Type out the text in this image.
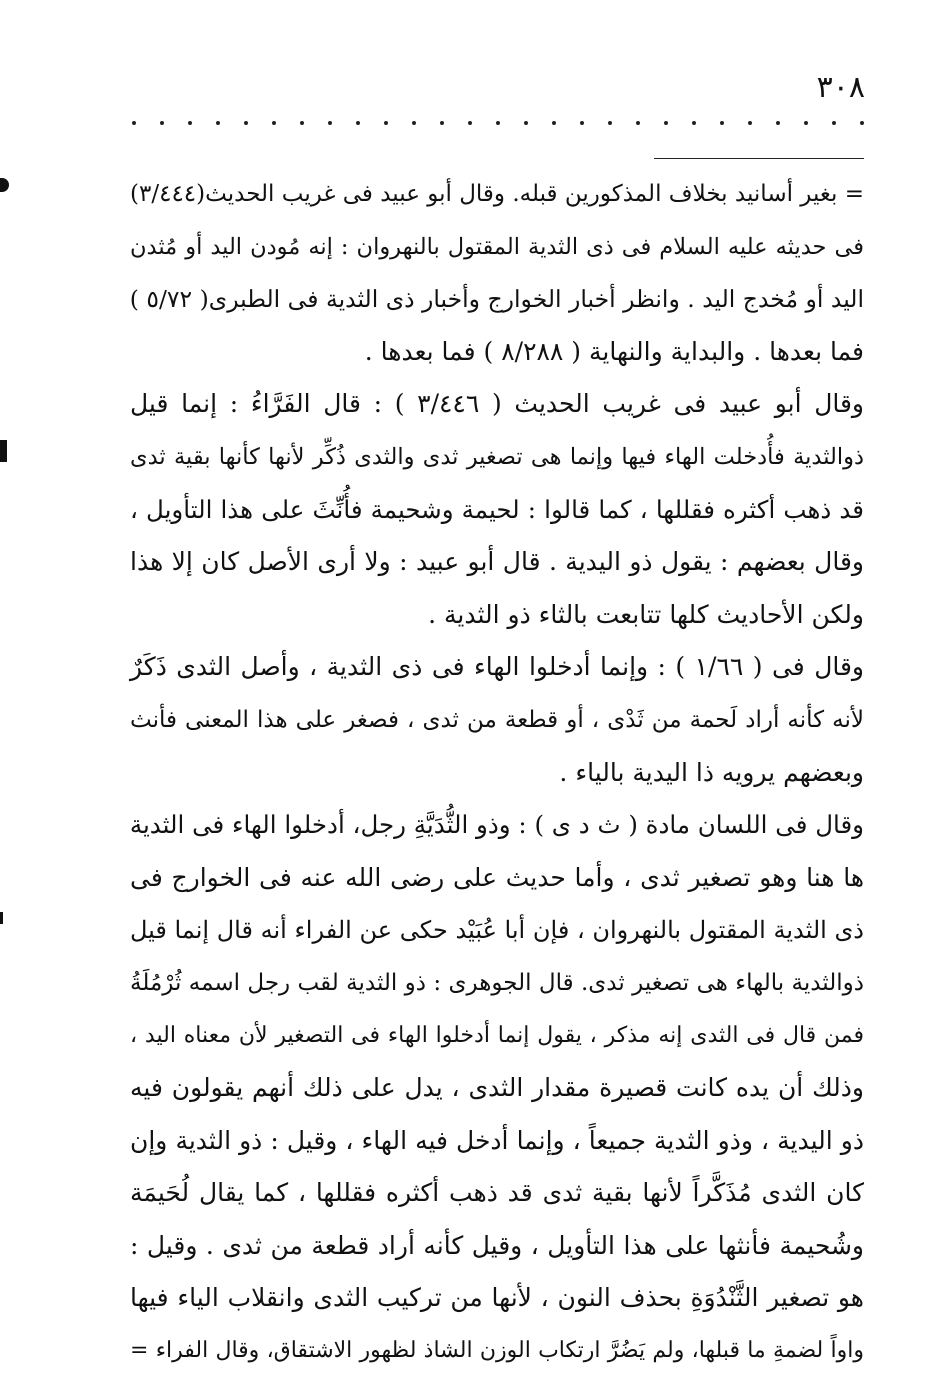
٣٠٨
= بغير أسانيد بخلاف المذكورين قبله. وقال أبو عبيد فى غريب الحديث(٣/٤٤٤)
فى حديثه عليه السلام فى ذى الثدية المقتول بالنهروان : إنه مُودن اليد أو مُثدن
اليد أو مُخدج اليد . وانظر أخبار الخوارج وأخبار ذى الثدية فى الطبرى( ٥/٧٢ )
فما بعدها . والبداية والنهاية ( ٨/٢٨٨ ) فما بعدها .
وقال أبو عبيد فى غريب الحديث ( ٣/٤٤٦ ) : قال الفَرَّاءُ : إنما قيل
ذوالثدية فأُدخلت الهاء فيها وإنما هى تصغير ثدى والثدى ذُكِّر لأنها كأنها بقية ثدى
قد ذهب أكثره فقللها ، كما قالوا : لحيمة وشحيمة فأُنِّثَ على هذا التأويل ،
وقال بعضهم : يقول ذو اليدية . قال أبو عبيد : ولا أرى الأصل كان إلا هذا
ولكن الأحاديث كلها تتابعت بالثاء ذو الثدية .
وقال فى ( ١/٦٦ ) : وإنما أدخلوا الهاء فى ذى الثدية ، وأصل الثدى ذَكَرٌ
لأنه كأنه أراد لَحمة من ثَدْى ، أو قطعة من ثدى ، فصغر على هذا المعنى فأنث
وبعضهم يرويه ذا اليدية بالياء .
وقال فى اللسان مادة ( ث د ى ) : وذو الثُّدَيَّةِ رجل، أدخلوا الهاء فى الثدية
ها هنا وهو تصغير ثدى ، وأما حديث على رضى الله عنه فى الخوارج فى
ذى الثدية المقتول بالنهروان ، فإن أبا عُبَيْد حكى عن الفراء أنه قال إنما قيل
ذوالثدية بالهاء هى تصغير ثدى. قال الجوهرى : ذو الثدية لقب رجل اسمه ثُرْمُلَةُ
فمن قال فى الثدى إنه مذكر ، يقول إنما أدخلوا الهاء فى التصغير لأن معناه اليد ،
وذلك أن يده كانت قصيرة مقدار الثدى ، يدل على ذلك أنهم يقولون فيه
ذو اليدية ، وذو الثدية جميعاً ، وإنما أدخل فيه الهاء ، وقيل : ذو الثدية وإن
كان الثدى مُذَكَّراً لأنها بقية ثدى قد ذهب أكثره فقللها ، كما يقال لُحَيمَة
وشُحيمة فأنثها على هذا التأويل ، وقيل كأنه أراد قطعة من ثدى . وقيل :
هو تصغير الثَّنْدُوَةِ بحذف النون ، لأنها من تركيب الثدى وانقلاب الياء فيها
واواً لضمةِ ما قبلها، ولم يَضُرَّ ارتكاب الوزن الشاذ لظهور الاشتقاق، وقال الفراء =
